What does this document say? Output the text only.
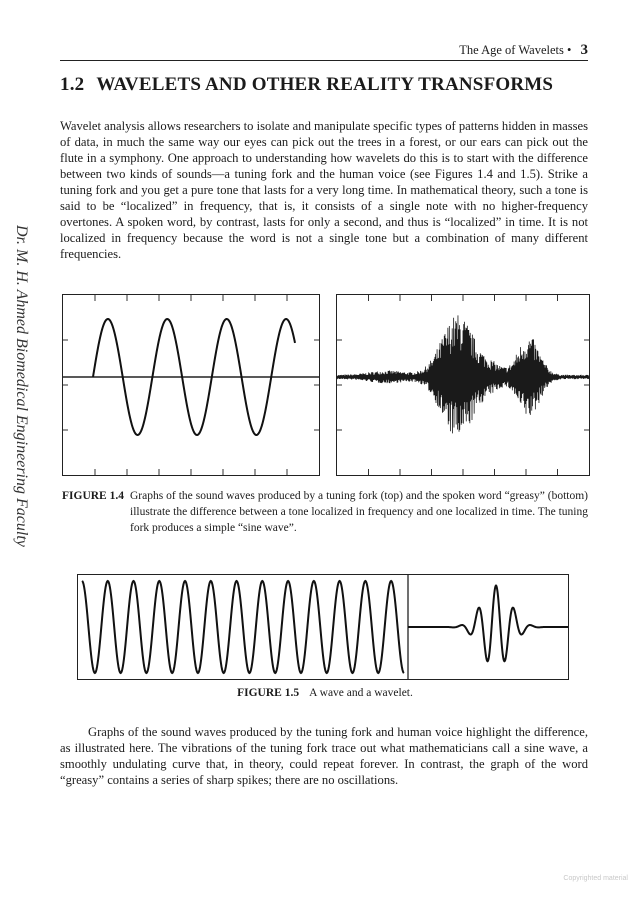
The Age of Wavelets • 3
1.2 WAVELETS AND OTHER REALITY TRANSFORMS

Wavelet analysis allows researchers to isolate and manipulate specific types of patterns hidden in masses of data, in much the same way our eyes can pick out the trees in a forest, or our ears can pick out the flute in a symphony. One approach to understanding how wavelets do this is to start with the difference between two kinds of sounds—a tuning fork and the human voice (see Figures 1.4 and 1.5). Strike a tuning fork and you get a pure tone that lasts for a very long time. In mathematical theory, such a tone is said to be “localized” in frequency, that is, it consists of a single note with no higher-frequency overtones. A spoken word, by contrast, lasts for only a second, and thus is “localized” in time. It is not localized in frequency because the word is not a single tone but a combination of many different frequencies.

Dr. M. H. Ahmed Biomedical Engineering Faculty	FIGURE 1.4 Graphs of the sound waves produced by a tuning fork (top) and the spoken word “greasy” (bottom) illustrate the difference between a tone localized in frequency and one localized in time. The tuning fork produces a simple “sine wave”.
FIGURE 1.5 A wave and a wavelet.

Graphs of the sound waves produced by the tuning fork and human voice highlight the difference, as illustrated here. The vibrations of the tuning fork trace out what mathematicians call a sine wave, a smoothly undulating curve that, in theory, could repeat forever. In contrast, the graph of the word “greasy” contains a series of sharp spikes; there are no oscillations.

Copyrighted material
